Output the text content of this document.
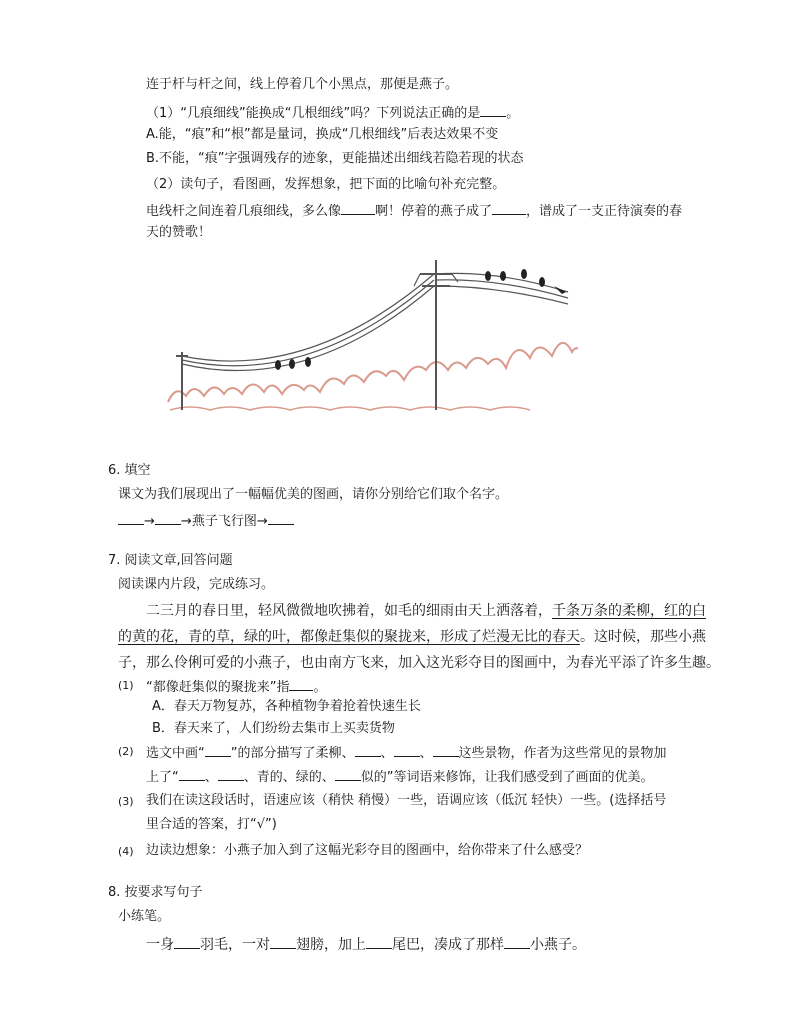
连于杆与杆之间，线上停着几个小黑点，那便是燕子。
（1）“几痕细线”能换成“几根细线”吗？下列说法正确的是 。
A.能，“痕”和“根”都是量词，换成“几根细线”后表达效果不变
B.不能，“痕”字强调残存的迹象，更能描述出细线若隐若现的状态
（2）读句子，看图画，发挥想象，把下面的比喻句补充完整。
电线杆之间连着几痕细线，多么像	啊！停着的燕子成了	，谱成了一支正待演奏的春
天的赞歌！
6. 填空
课文为我们展现出了一幅幅优美的图画，请你分别给它们取个名字。
→ →燕子飞行图→
7. 阅读文章,回答问题
阅读课内片段，完成练习。
二三月的春日里，轻风微微地吹拂着，如毛的细雨由天上洒落着，千条万条的柔柳，红的白
的黄的花，青的草，绿的叶，都像赶集似的聚拢来，形成了烂漫无比的春天。这时候，那些小燕
子，那么伶俐可爱的小燕子，也由南方飞来，加入这光彩夺目的图画中，为春光平添了许多生趣。
(1) “都像赶集似的聚拢来”指 。
A．春天万物复苏，各种植物争着抢着快速生长
B．春天来了，人们纷纷去集市上买卖货物
(2) 选文中画“ ”的部分描写了柔柳、 、 、 这些景物，作者为这些常见的景物加
上了“ 、 、青的、绿的、 似的”等词语来修饰，让我们感受到了画面的优美。
(3) 我们在读这段话时，语速应该（稍快 稍慢）一些，语调应该（低沉 轻快）一些。(选择括号
里合适的答案，打“√”)
(4) 边读边想象：小燕子加入到了这幅光彩夺目的图画中，给你带来了什么感受？
8. 按要求写句子
小练笔。
一身 羽毛，一对 翅膀，加上 尾巴，凑成了那样 小燕子。
